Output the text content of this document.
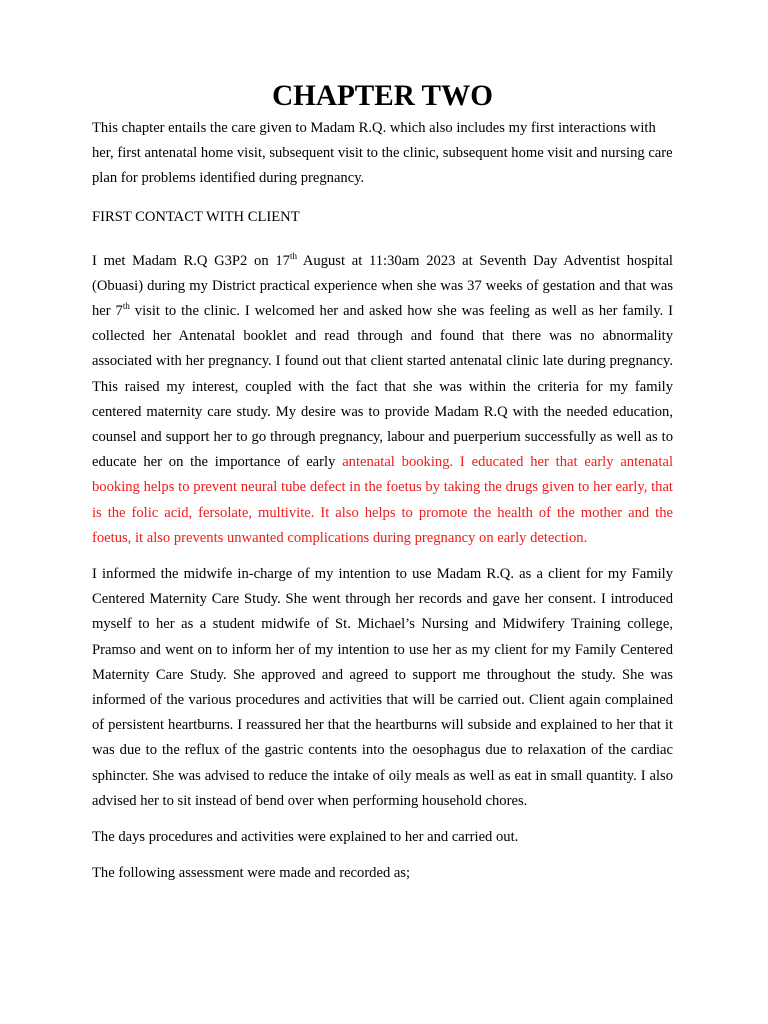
CHAPTER TWO

This chapter entails the care given to Madam R.Q. which also includes my first interactions with her, first antenatal home visit, subsequent visit to the clinic, subsequent home visit and nursing care plan for problems identified during pregnancy.

FIRST CONTACT WITH CLIENT

I met Madam R.Q G3P2 on 17th August at 11:30am 2023 at Seventh Day Adventist hospital (Obuasi) during my District practical experience when she was 37 weeks of gestation and that was her 7th visit to the clinic. I welcomed her and asked how she was feeling as well as her family. I collected her Antenatal booklet and read through and found that there was no abnormality associated with her pregnancy. I found out that client started antenatal clinic late during pregnancy. This raised my interest, coupled with the fact that she was within the criteria for my family centered maternity care study. My desire was to provide Madam R.Q with the needed education, counsel and support her to go through pregnancy, labour and puerperium successfully as well as to educate her on the importance of early antenatal booking. I educated her that early antenatal booking helps to prevent neural tube defect in the foetus by taking the drugs given to her early, that is the folic acid, fersolate, multivite. It also helps to promote the health of the mother and the foetus, it also prevents unwanted complications during pregnancy on early detection.

I informed the midwife in-charge of my intention to use Madam R.Q. as a client for my Family Centered Maternity Care Study. She went through her records and gave her consent. I introduced myself to her as a student midwife of St. Michael’s Nursing and Midwifery Training college, Pramso and went on to inform her of my intention to use her as my client for my Family Centered Maternity Care Study. She approved and agreed to support me throughout the study. She was informed of the various procedures and activities that will be carried out. Client again complained of persistent heartburns. I reassured her that the heartburns will subside and explained to her that it was due to the reflux of the gastric contents into the oesophagus due to relaxation of the cardiac sphincter. She was advised to reduce the intake of oily meals as well as eat in small quantity. I also advised her to sit instead of bend over when performing household chores.

The days procedures and activities were explained to her and carried out.

The following assessment were made and recorded as;
